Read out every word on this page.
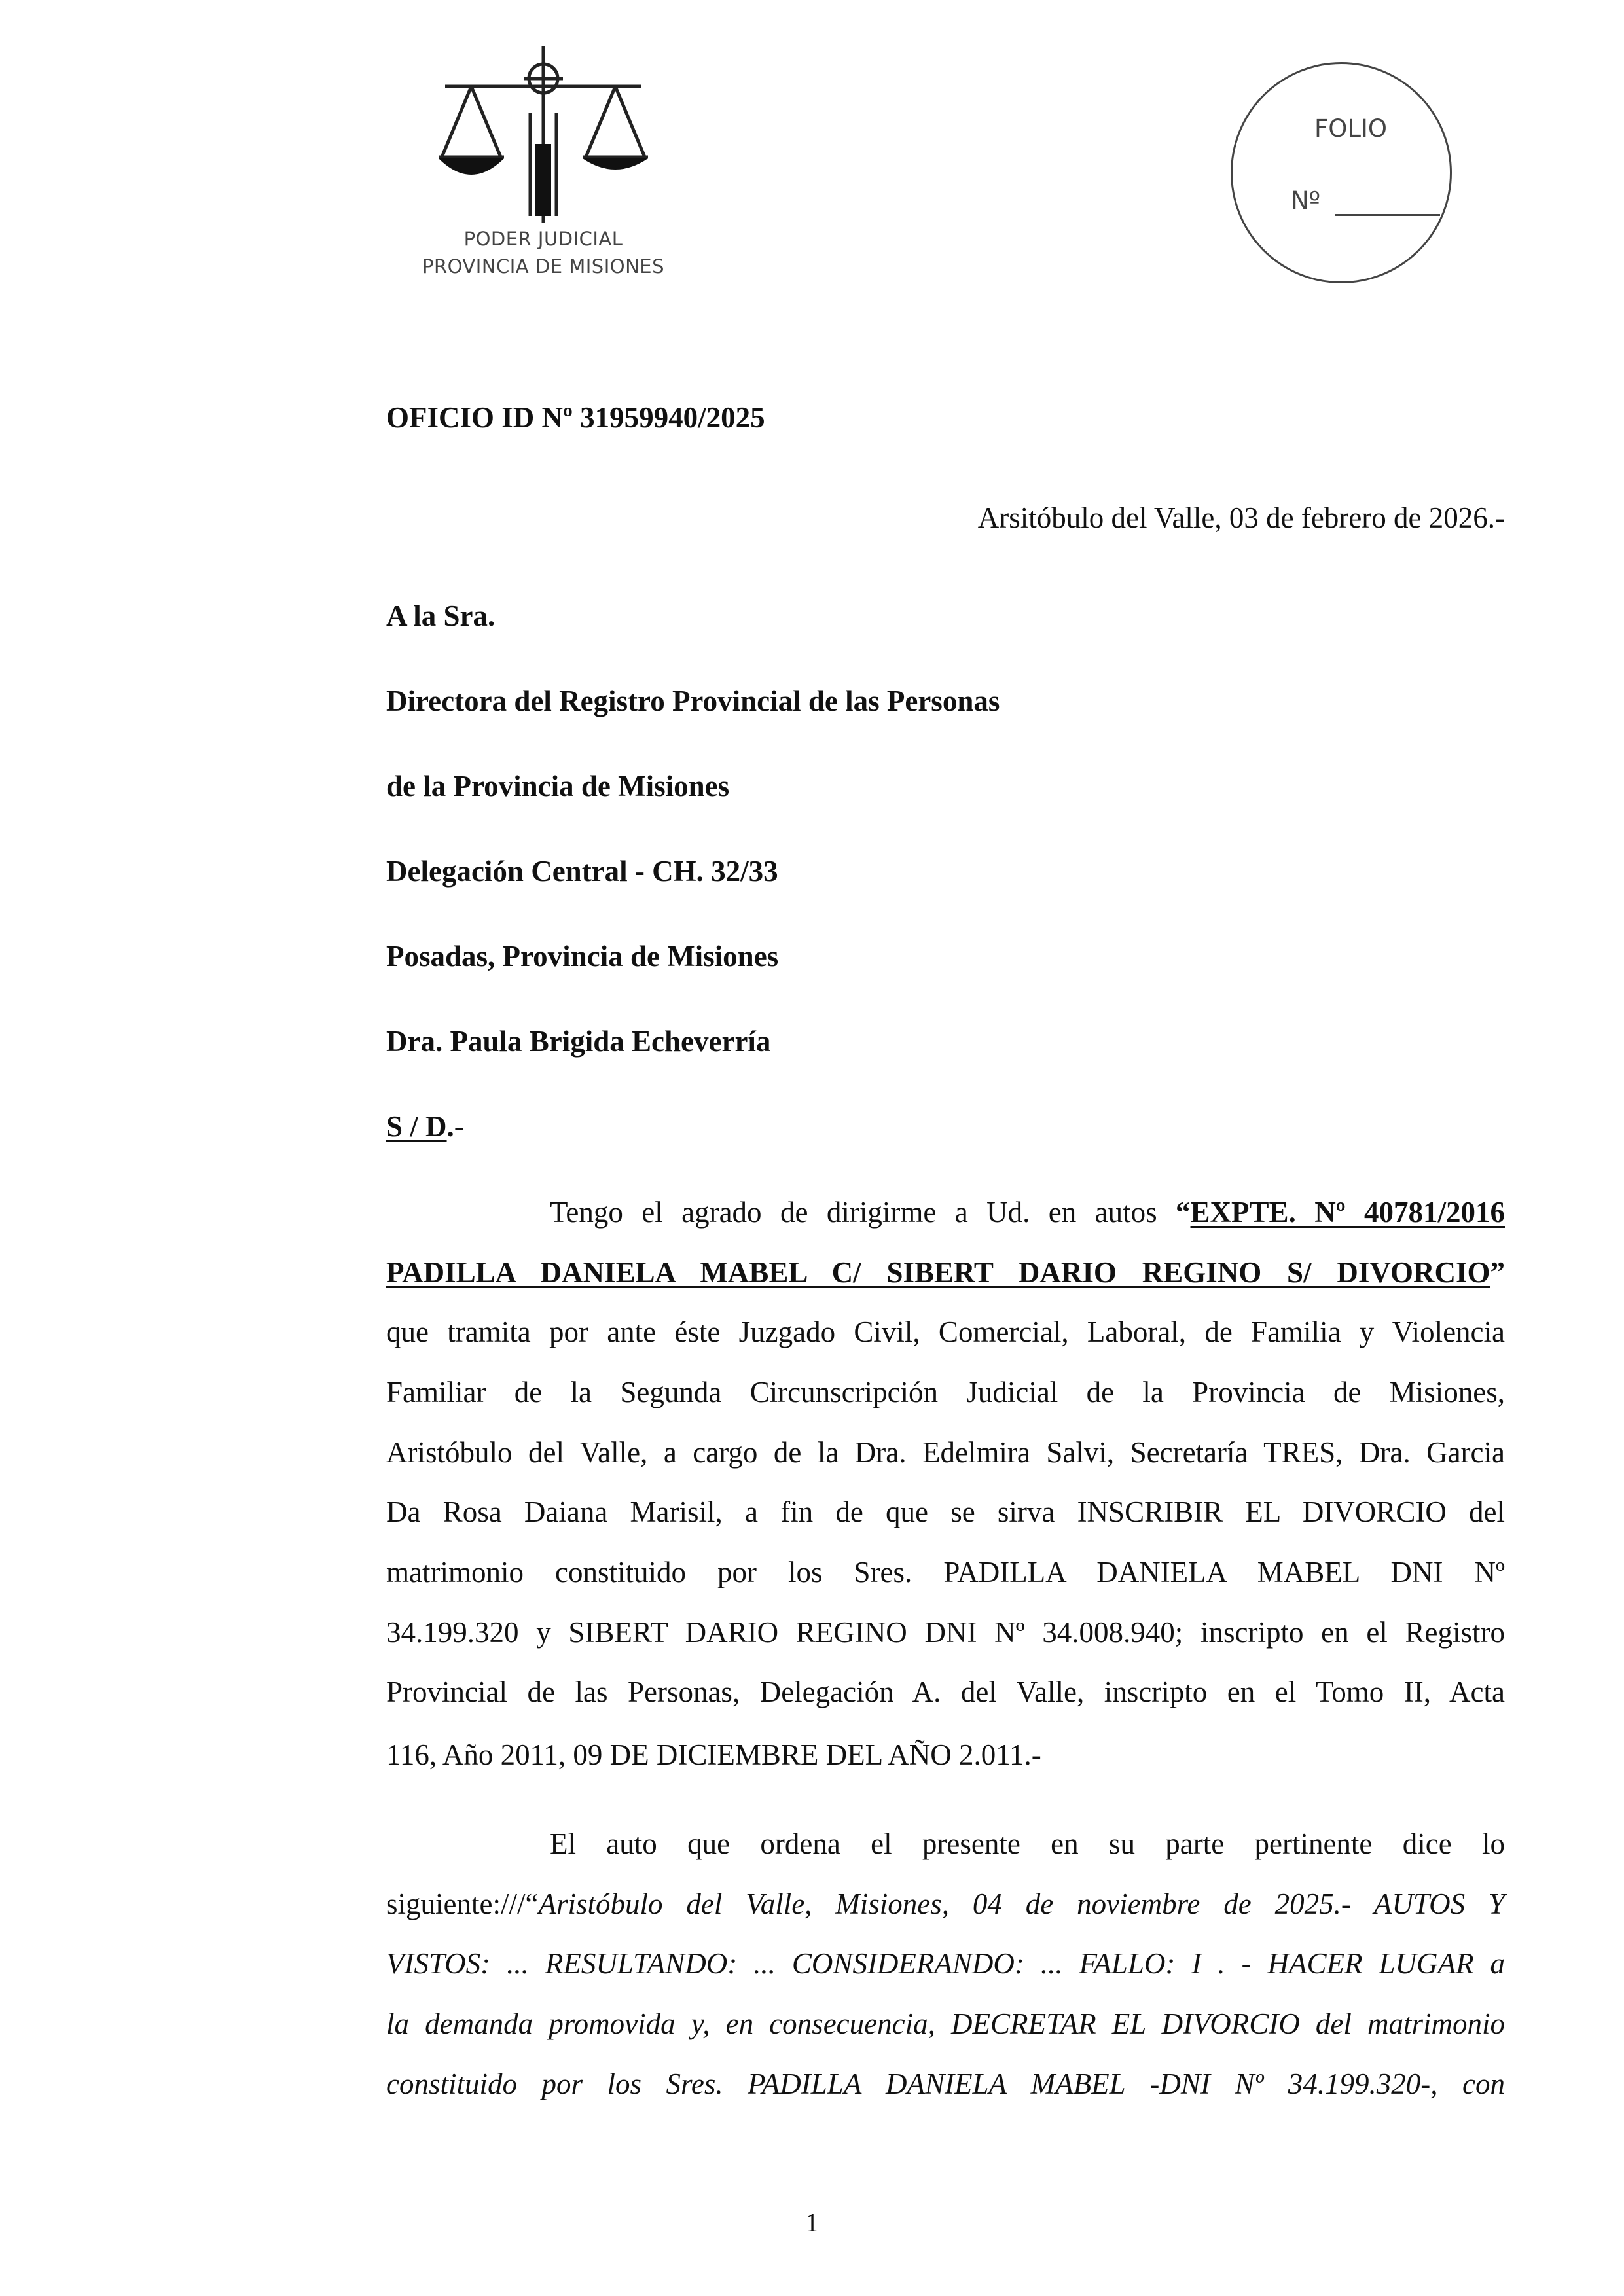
PODER JUDICIAL
PROVINCIA DE MISIONES
FOLIO
Nº
OFICIO ID Nº 31959940/2025
Arsitóbulo del Valle, 03 de febrero de 2026.-
A la Sra.
Directora del Registro Provincial de las Personas
de la Provincia de Misiones
Delegación Central - CH. 32/33
Posadas, Provincia de Misiones
Dra. Paula Brigida Echeverría
S / D.-
Tengo el agrado de dirigirme a Ud. en autos “EXPTE. Nº 40781/2016
PADILLA DANIELA MABEL C/ SIBERT DARIO REGINO S/ DIVORCIO”
que tramita por ante éste Juzgado Civil, Comercial, Laboral, de Familia y Violencia
Familiar de la Segunda Circunscripción Judicial de la Provincia de Misiones,
Aristóbulo del Valle, a cargo de la Dra. Edelmira Salvi, Secretaría TRES, Dra. Garcia
Da Rosa Daiana Marisil, a fin de que se sirva INSCRIBIR EL DIVORCIO del
matrimonio constituido por los Sres. PADILLA DANIELA MABEL DNI Nº
34.199.320 y SIBERT DARIO REGINO DNI Nº 34.008.940; inscripto en el Registro
Provincial de las Personas, Delegación A. del Valle, inscripto en el Tomo II, Acta
116, Año 2011, 09 DE DICIEMBRE DEL AÑO 2.011.-
El auto que ordena el presente en su parte pertinente dice lo
siguiente:///“Aristóbulo del Valle, Misiones, 04 de noviembre de 2025.- AUTOS Y
VISTOS: ... RESULTANDO: ... CONSIDERANDO: ... FALLO: I . - HACER LUGAR a
la demanda promovida y, en consecuencia, DECRETAR EL DIVORCIO del matrimonio
constituido por los Sres. PADILLA DANIELA MABEL -DNI Nº 34.199.320-, con
1
